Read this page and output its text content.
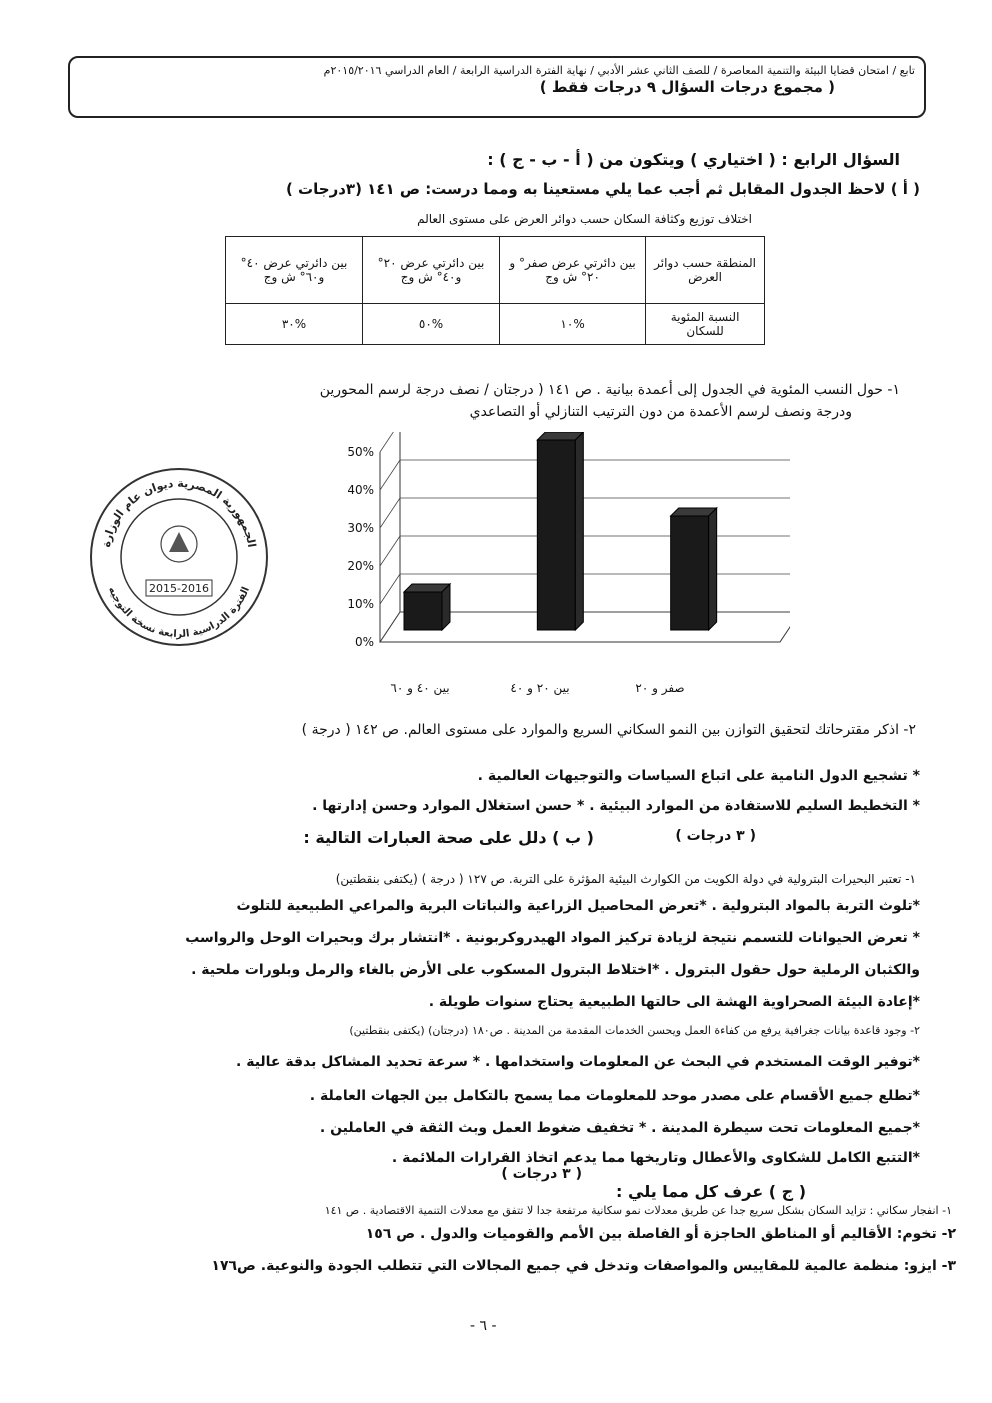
تابع / امتحان قضايا البيئة والتنمية المعاصرة / للصف الثاني عشر الأدبي / نهاية الفترة الدراسية الرابعة / العام الدراسي ٢٠١٥/٢٠١٦م
( مجموع درجات السؤال ٩ درجات فقط )
السؤال الرابع : ( اختياري ) ويتكون من ( أ - ب - ج ) :
( أ ) لاحظ الجدول المقابل ثم أجب عما يلي مستعينا به ومما درست: ص ١٤١ (٣درجات )
اختلاف توزيع وكثافة السكان حسب دوائر العرض على مستوى العالم
المنطقة حسب دوائر العرض	بين دائرتي عرض صفر° و ٢٠° ش وج	بين دائرتي عرض ٢٠° و٤٠° ش وج	بين دائرتي عرض ٤٠° و٦٠° ش وج
النسبة المئوية للسكان	%١٠	%٥٠	%٣٠
١- حول النسب المئوية في الجدول إلى أعمدة بيانية . ص ١٤١ ( درجتان / نصف درجة لرسم المحورين
ودرجة ونصف لرسم الأعمدة من دون الترتيب التنازلي أو التصاعدي
الجمهورية المصرية ديوان عام الوزارة
الفترة الدراسية الرابعة نسخة التوجيه
2015-2016
0%
10%
20%
30%
40%
50%
صفر و ٢٠
بين ٢٠ و ٤٠
بين ٤٠ و ٦٠
٢- اذكر مقترحاتك لتحقيق التوازن بين النمو السكاني السريع والموارد على مستوى العالم. ص ١٤٢ ( درجة )
* تشجيع الدول النامية على اتباع السياسات والتوجيهات العالمية .
* التخطيط السليم للاستفادة من الموارد البيئية . * حسن استغلال الموارد وحسن إدارتها .
( ب ) دلل على صحة العبارات التالية :	( ٣ درجات )
١- تعتبر البحيرات البترولية في دولة الكويت من الكوارث البيئية المؤثرة على التربة. ص ١٢٧ ( درجة ) (يكتفى بنقطتين)
*تلوث التربة بالمواد البترولية . *تعرض المحاصيل الزراعية والنباتات البرية والمراعي الطبيعية للتلوث
* تعرض الحيوانات للتسمم نتيجة لزيادة تركيز المواد الهيدروكربونية . *انتشار برك وبحيرات الوحل والرواسب
والكثبان الرملية حول حقول البترول . *اختلاط البترول المسكوب على الأرض بالغاء والرمل وبلورات ملحية .
*إعادة البيئة الصحراوية الهشة الى حالتها الطبيعية يحتاج سنوات طويلة .
٢- وجود قاعدة بيانات جغرافية يرفع من كفاءة العمل ويحسن الخدمات المقدمة من المدينة . ص١٨٠ (درجتان) (يكتفى بنقطتين)
*توفير الوقت المستخدم في البحث عن المعلومات واستخدامها . * سرعة تحديد المشاكل بدقة عالية .
*تطلع جميع الأقسام على مصدر موحد للمعلومات مما يسمح بالتكامل بين الجهات العاملة .
*جميع المعلومات تحت سيطرة المدينة . * تخفيف ضغوط العمل وبث الثقة في العاملين .
*التتبع الكامل للشكاوى والأعطال وتاريخها مما يدعم اتخاذ القرارات الملائمة .
( ج ) عرف كل مما يلي :
( ٣ درجات )
١- انفجار سكاني : تزايد السكان بشكل سريع جدا عن طريق معدلات نمو سكانية مرتفعة جدا لا تتفق مع معدلات التنمية الاقتصادية . ص ١٤١
٢- تخوم: الأقاليم أو المناطق الحاجزة أو الفاصلة بين الأمم والقوميات والدول . ص ١٥٦
٣- ايزو: منظمة عالمية للمقاييس والمواصفات وتدخل في جميع المجالات التي تتطلب الجودة والنوعية. ص١٧٦
- ٦ -
